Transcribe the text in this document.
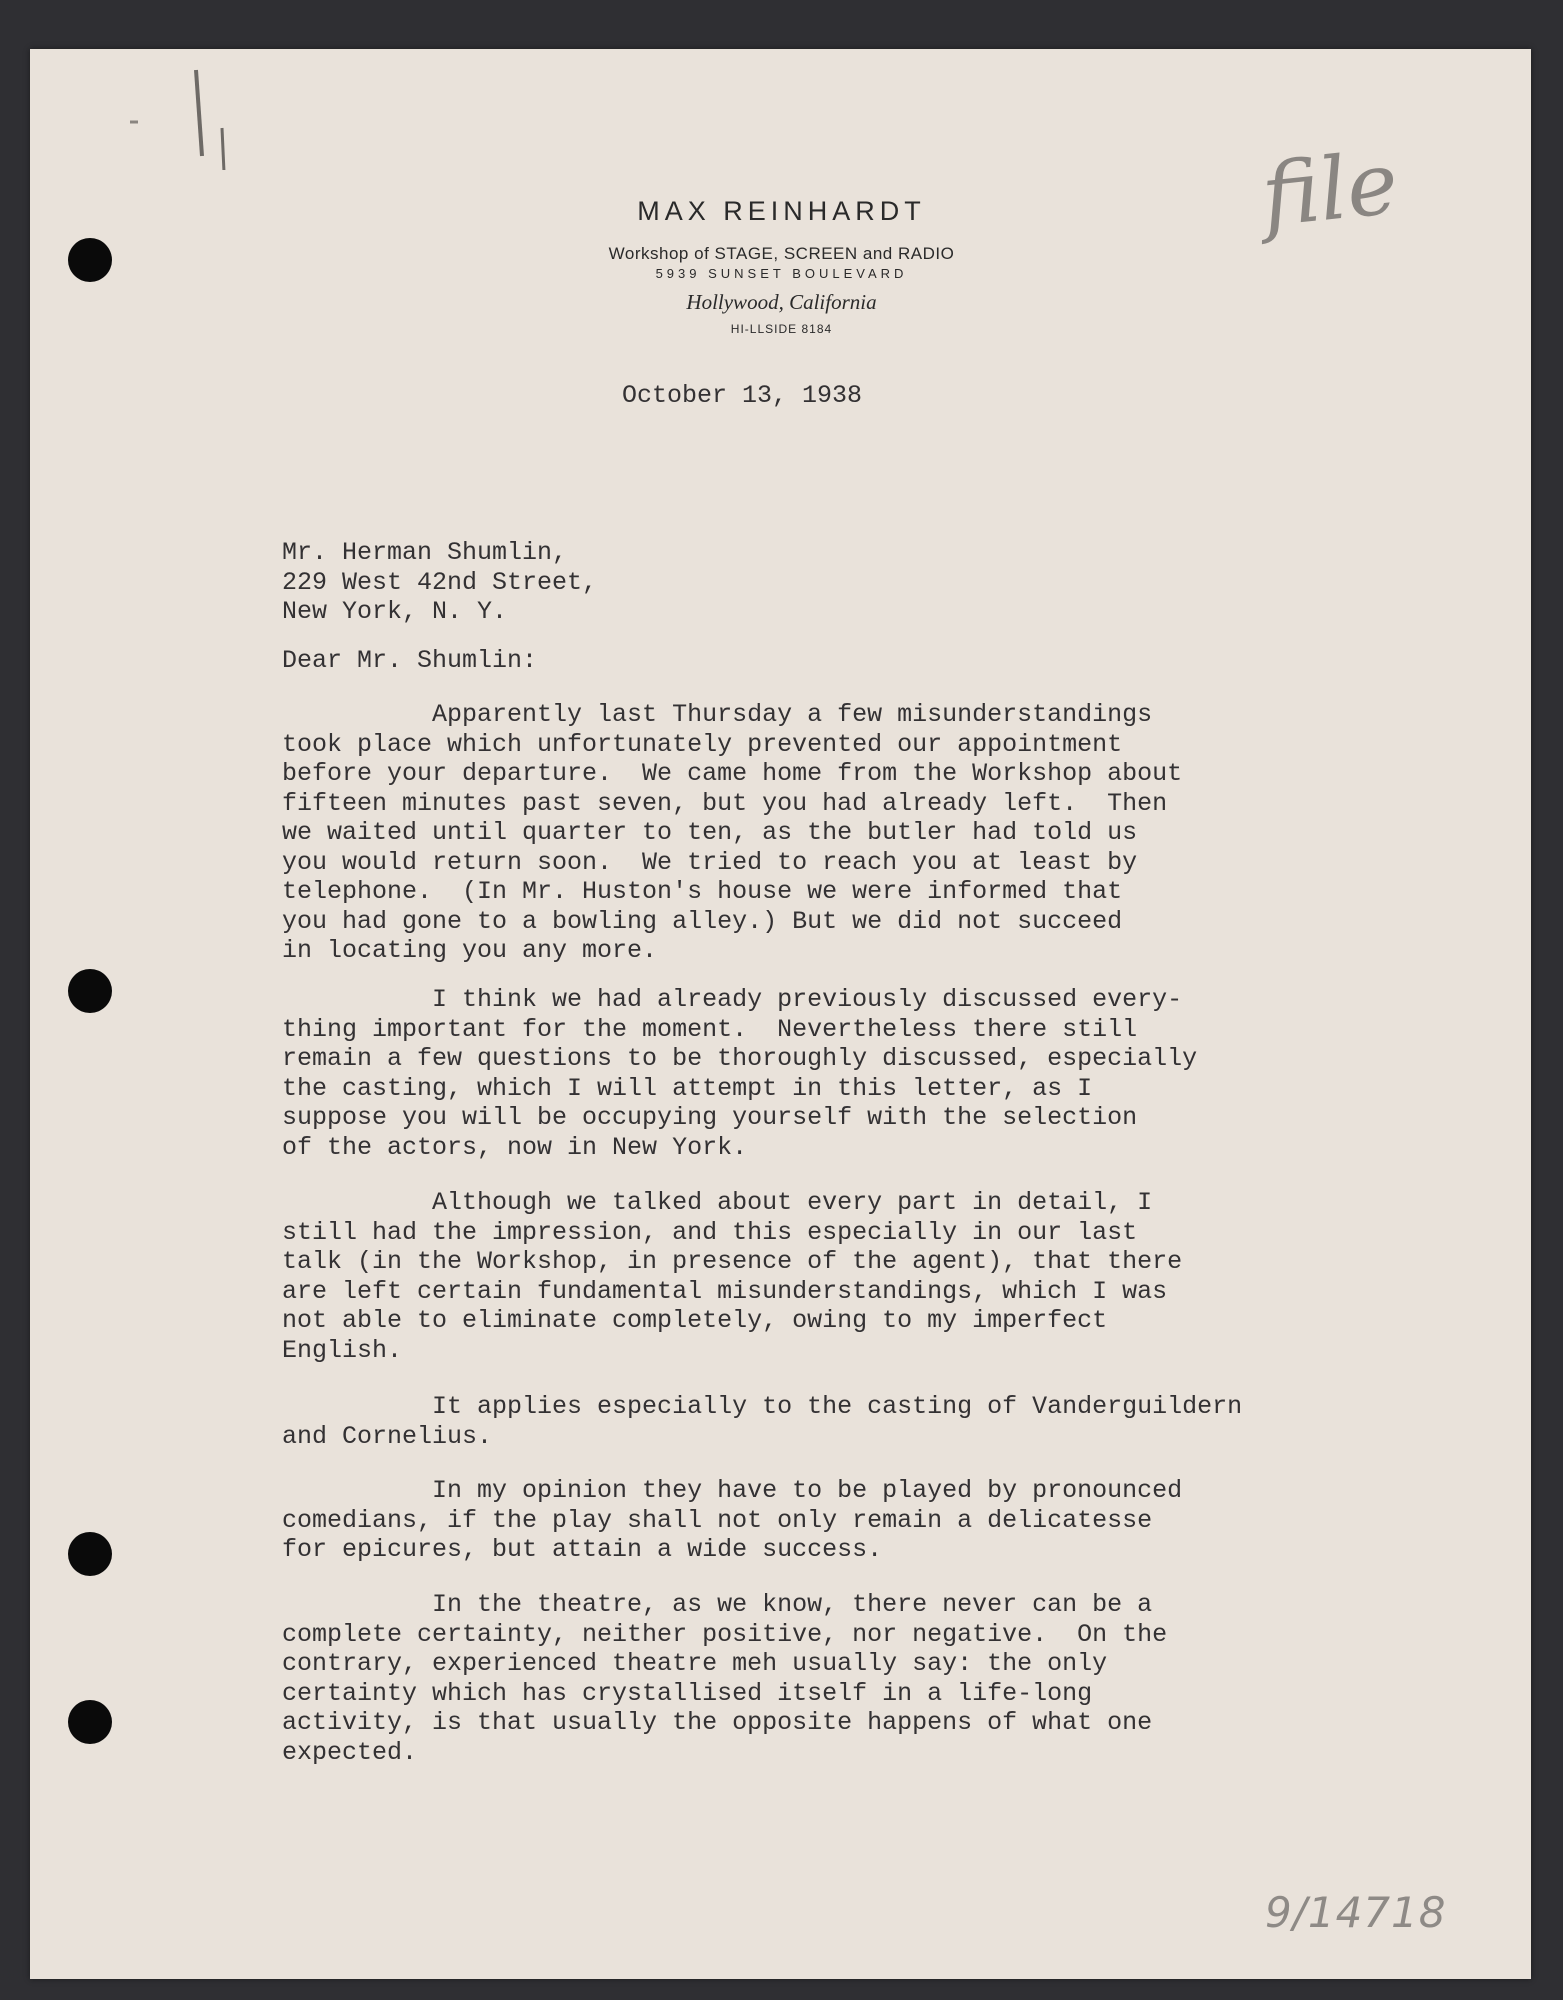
file
MAX REINHARDT
Workshop of STAGE, SCREEN and RADIO
5939 SUNSET BOULEVARD
Hollywood, California
HI-LLSIDE 8184
October 13, 1938
Mr. Herman Shumlin,
229 West 42nd Street,
New York, N. Y.
Dear Mr. Shumlin:
Apparently last Thursday a few misunderstandings
took place which unfortunately prevented our appointment
before your departure.  We came home from the Workshop about
fifteen minutes past seven, but you had already left.  Then
we waited until quarter to ten, as the butler had told us
you would return soon.  We tried to reach you at least by
telephone.  (In Mr. Huston's house we were informed that
you had gone to a bowling alley.) But we did not succeed
in locating you any more.
I think we had already previously discussed every-
thing important for the moment.  Nevertheless there still
remain a few questions to be thoroughly discussed, especially
the casting, which I will attempt in this letter, as I
suppose you will be occupying yourself with the selection
of the actors, now in New York.
Although we talked about every part in detail, I
still had the impression, and this especially in our last
talk (in the Workshop, in presence of the agent), that there
are left certain fundamental misunderstandings, which I was
not able to eliminate completely, owing to my imperfect
English.
It applies especially to the casting of Vanderguildern
and Cornelius.
In my opinion they have to be played by pronounced
comedians, if the play shall not only remain a delicatesse
for epicures, but attain a wide success.
In the theatre, as we know, there never can be a
complete certainty, neither positive, nor negative.  On the
contrary, experienced theatre meh usually say: the only
certainty which has crystallised itself in a life-long
activity, is that usually the opposite happens of what one
expected.
9/14718
